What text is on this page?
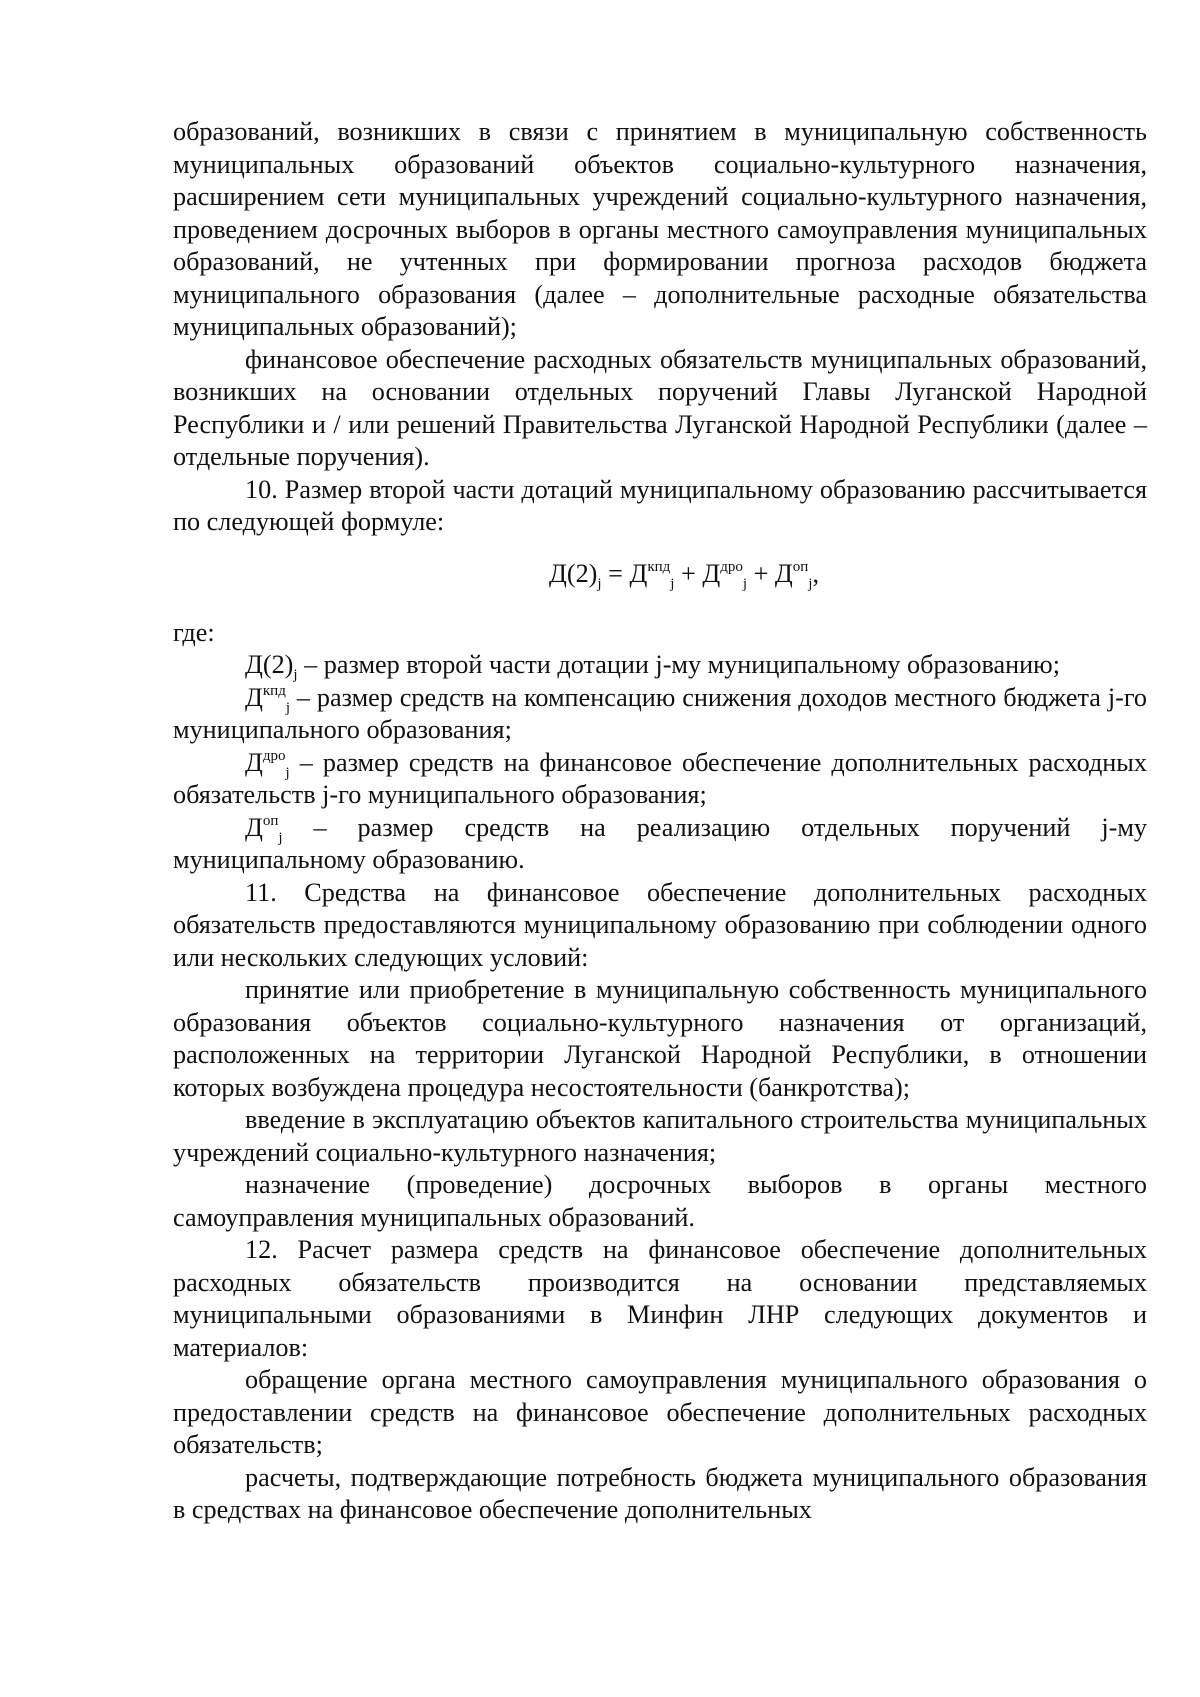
образований, возникших в связи с принятием в муниципальную собственность муниципальных образований объектов социально-культурного назначения, расширением сети муниципальных учреждений социально-культурного назначения, проведением досрочных выборов в органы местного самоуправления муниципальных образований, не учтенных при формировании прогноза расходов бюджета муниципального образования (далее – дополнительные расходные обязательства муниципальных образований);

финансовое обеспечение расходных обязательств муниципальных образований, возникших на основании отдельных поручений Главы Луганской Народной Республики и / или решений Правительства Луганской Народной Республики (далее – отдельные поручения).

10. Размер второй части дотаций муниципальному образованию рассчитывается по следующей формуле:

$Д(2)_j = Д^{кпд}_j + Д^{дро}_j + Д^{оп}_j$,

где:

$Д(2)_j$ – размер второй части дотации j-му муниципальному образованию;

$Д^{кпд}_j$ – размер средств на компенсацию снижения доходов местного бюджета j-го муниципального образования;

$Д^{дро}_j$ – размер средств на финансовое обеспечение дополнительных расходных обязательств j-го муниципального образования;

$Д^{оп}_j$ – размер средств на реализацию отдельных поручений j-му муниципальному образованию.

11. Средства на финансовое обеспечение дополнительных расходных обязательств предоставляются муниципальному образованию при соблюдении одного или нескольких следующих условий:

принятие или приобретение в муниципальную собственность муниципального образования объектов социально-культурного назначения от организаций, расположенных на территории Луганской Народной Республики, в отношении которых возбуждена процедура несостоятельности (банкротства);

введение в эксплуатацию объектов капитального строительства муниципальных учреждений социально-культурного назначения;

назначение (проведение) досрочных выборов в органы местного самоуправления муниципальных образований.

12. Расчет размера средств на финансовое обеспечение дополнительных расходных обязательств производится на основании представляемых муниципальными образованиями в Минфин ЛНР следующих документов и материалов:

обращение органа местного самоуправления муниципального образования о предоставлении средств на финансовое обеспечение дополнительных расходных обязательств;

расчеты, подтверждающие потребность бюджета муниципального образования в средствах на финансовое обеспечение дополнительных
